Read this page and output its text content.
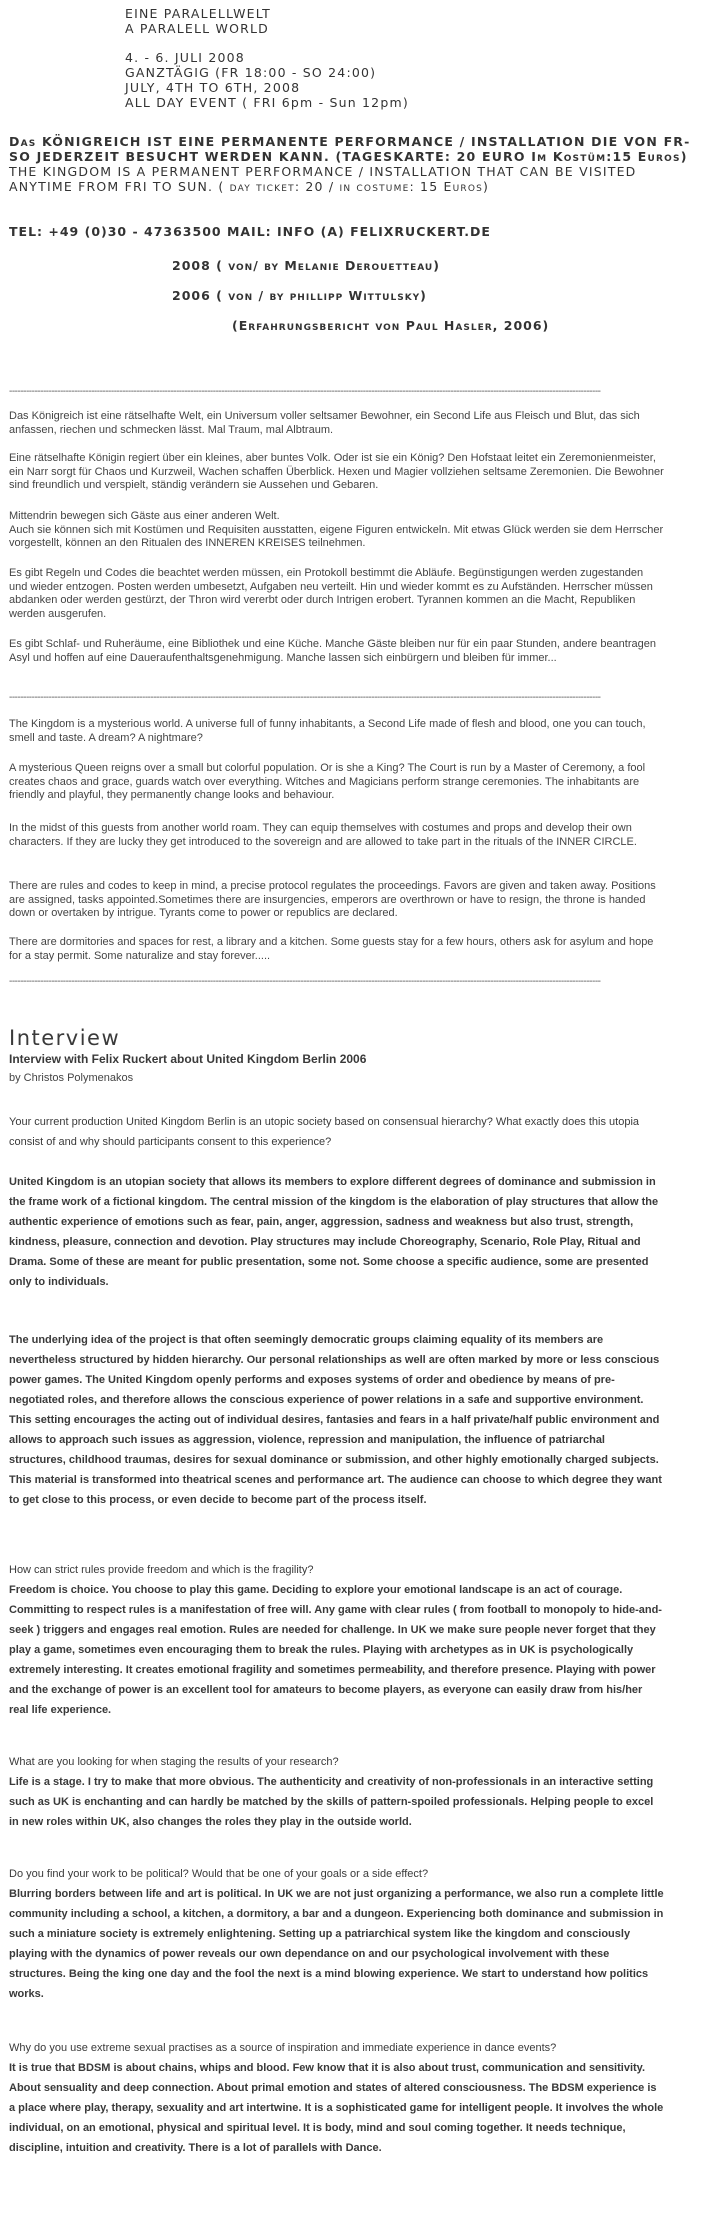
EINE PARALELLWELT
A PARALELL WORLD
4. - 6. JULI 2008
GANZTÄGIG (FR 18:00 - SO 24:00)
JULY, 4TH TO 6TH, 2008
ALL DAY EVENT ( FRI 6pm - Sun 12pm)
Das KÖNIGREICH IST EINE PERMANENTE PERFORMANCE / INSTALLATION DIE VON FR-SO JEDERZEIT BESUCHT WERDEN KANN. (TAGESKARTE: 20 EURO Im Kostüm:15 Euros)
THE KINGDOM IS A PERMANENT PERFORMANCE / INSTALLATION THAT CAN BE VISITED ANYTIME FROM FRI TO SUN. ( day ticket: 20 / in costume: 15 Euros)
TEL: +49 (0)30 - 47363500 MAIL: INFO (A) FELIXRUCKERT.DE
2008 ( von/ by Melanie Derouetteau)
2006 ( von / by phillipp Wittulsky)
(Erfahrungsbericht von Paul Hasler, 2006)
-----------------------------------------------------------------------------------------------------------------------------------------------------------------------------------------------------------------

Das Königreich ist eine rätselhafte Welt, ein Universum voller seltsamer Bewohner, ein Second Life aus Fleisch und Blut, das sich anfassen, riechen und schmecken lässt. Mal Traum, mal Albtraum.

Eine rätselhafte Königin regiert über ein kleines, aber buntes Volk. Oder ist sie ein König? Den Hofstaat leitet ein Zeremonienmeister, ein Narr sorgt für Chaos und Kurzweil, Wachen schaffen Überblick. Hexen und Magier vollziehen seltsame Zeremonien. Die Bewohner sind freundlich und verspielt, ständig verändern sie Aussehen und Gebaren.

Mittendrin bewegen sich Gäste aus einer anderen Welt.
Auch sie können sich mit Kostümen und Requisiten ausstatten, eigene Figuren entwickeln. Mit etwas Glück werden sie dem Herrscher vorgestellt, können an den Ritualen des INNEREN KREISES teilnehmen.

Es gibt Regeln und Codes die beachtet werden müssen, ein Protokoll bestimmt die Abläufe. Begünstigungen werden zugestanden und wieder entzogen. Posten werden umbesetzt, Aufgaben neu verteilt. Hin und wieder kommt es zu Aufständen. Herrscher müssen abdanken oder werden gestürzt, der Thron wird vererbt oder durch Intrigen erobert. Tyrannen kommen an die Macht, Republiken werden ausgerufen.

Es gibt Schlaf- und Ruheräume, eine Bibliothek und eine Küche. Manche Gäste bleiben nur für ein paar Stunden, andere beantragen Asyl und hoffen auf eine Daueraufenthaltsgenehmigung. Manche lassen sich einbürgern und bleiben für immer...

-----------------------------------------------------------------------------------------------------------------------------------------------------------------------------------------------------------------

The Kingdom is a mysterious world. A universe full of funny inhabitants, a Second Life made of flesh and blood, one you can touch, smell and taste. A dream? A nightmare?

A mysterious Queen reigns over a small but colorful population. Or is she a King? The Court is run by a Master of Ceremony, a fool creates chaos and grace, guards watch over everything. Witches and Magicians perform strange ceremonies. The inhabitants are friendly and playful, they permanently change looks and behaviour.

In the midst of this guests from another world roam. They can equip themselves with costumes and props and develop their own characters. If they are lucky they get introduced to the sovereign and are allowed to take part in the rituals of the INNER CIRCLE.

There are rules and codes to keep in mind, a precise protocol regulates the proceedings. Favors are given and taken away. Positions are assigned, tasks appointed.Sometimes there are insurgencies, emperors are overthrown or have to resign, the throne is handed down or overtaken by intrigue. Tyrants come to power or republics are declared.

There are dormitories and spaces for rest, a library and a kitchen. Some guests stay for a few hours, others ask for asylum and hope for a stay permit. Some naturalize and stay forever.....

-----------------------------------------------------------------------------------------------------------------------------------------------------------------------------------------------------------------
Interview
Interview with Felix Ruckert about United Kingdom Berlin 2006
by Christos Polymenakos

Your current production United Kingdom Berlin is an utopic society based on consensual hierarchy? What exactly does this utopia consist of and why should participants consent to this experience?

United Kingdom is an utopian society that allows its members to explore different degrees of dominance and submission in the frame work of a fictional kingdom. The central mission of the kingdom is the elaboration of play structures that allow the authentic experience of emotions such as fear, pain, anger, aggression, sadness and weakness but also trust, strength, kindness, pleasure, connection and devotion. Play structures may include Choreography, Scenario, Role Play, Ritual and Drama. Some of these are meant for public presentation, some not. Some choose a specific audience, some are presented only to individuals.

The underlying idea of the project is that often seemingly democratic groups claiming equality of its members are nevertheless structured by hidden hierarchy. Our personal relationships as well are often marked by more or less conscious power games. The United Kingdom openly performs and exposes systems of order and obedience by means of pre-negotiated roles, and therefore allows the conscious experience of power relations in a safe and supportive environment. This setting encourages the acting out of individual desires, fantasies and fears in a half private/half public environment and allows to approach such issues as aggression, violence, repression and manipulation, the influence of patriarchal structures, childhood traumas, desires for sexual dominance or submission, and other highly emotionally charged subjects. This material is transformed into theatrical scenes and performance art. The audience can choose to which degree they want to get close to this process, or even decide to become part of the process itself.

How can strict rules provide freedom and which is the fragility?

Freedom is choice. You choose to play this game. Deciding to explore your emotional landscape is an act of courage. Committing to respect rules is a manifestation of free will. Any game with clear rules ( from football to monopoly to hide-and-seek ) triggers and engages real emotion. Rules are needed for challenge. In UK we make sure people never forget that they play a game, sometimes even encouraging them to break the rules. Playing with archetypes as in UK is psychologically extremely interesting. It creates emotional fragility and sometimes permeability, and therefore presence. Playing with power and the exchange of power is an excellent tool for amateurs to become players, as everyone can easily draw from his/her real life experience.

What are you looking for when staging the results of your research?

Life is a stage. I try to make that more obvious. The authenticity and creativity of non-professionals in an interactive setting such as UK is enchanting and can hardly be matched by the skills of pattern-spoiled professionals. Helping people to excel in new roles within UK, also changes the roles they play in the outside world.

Do you find your work to be political? Would that be one of your goals or a side effect?

Blurring borders between life and art is political. In UK we are not just organizing a performance, we also run a complete little community including a school, a kitchen, a dormitory, a bar and a dungeon. Experiencing both dominance and submission in such a miniature society is extremely enlightening. Setting up a patriarchical system like the kingdom and consciously playing with the dynamics of power reveals our own dependance on and our psychological involvement with these structures. Being the king one day and the fool the next is a mind blowing experience. We start to understand how politics works.

Why do you use extreme sexual practises as a source of inspiration and immediate experience in dance events?

It is true that BDSM is about chains, whips and blood. Few know that it is also about trust, communication and sensitivity. About sensuality and deep connection. About primal emotion and states of altered consciousness. The BDSM experience is a place where play, therapy, sexuality and art intertwine. It is a sophisticated game for intelligent people. It involves the whole individual, on an emotional, physical and spiritual level. It is body, mind and soul coming together. It needs technique, discipline, intuition and creativity. There is a lot of parallels with Dance.
